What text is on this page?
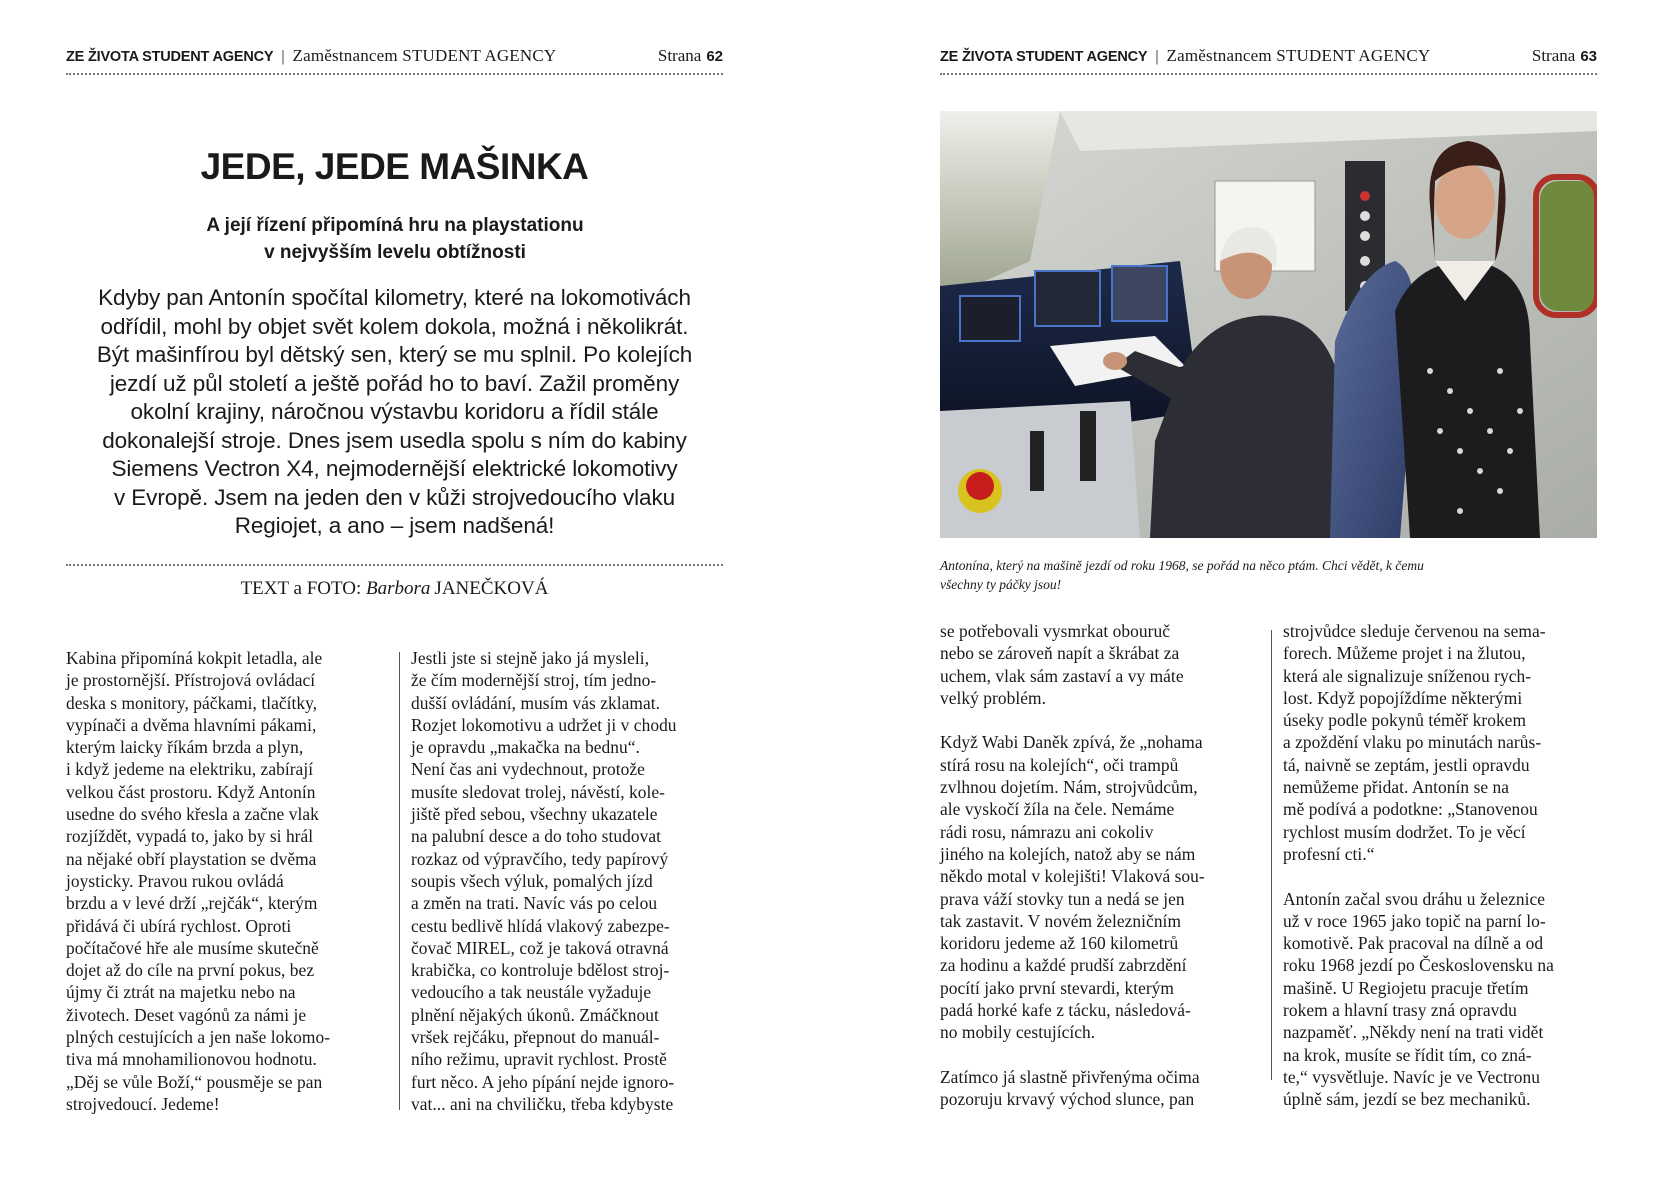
ZE ŽIVOTA STUDENT AGENCY | Zaměstnancem STUDENT AGENCY	Strana 62
JEDE, JEDE MAŠINKA

A její řízení připomíná hru na playstationu
v nejvyšším levelu obtížnosti

Kdyby pan Antonín spočítal kilometry, které na lokomotivách
odřídil, mohl by objet svět kolem dokola, možná i několikrát.
Být mašinfírou byl dětský sen, který se mu splnil. Po kolejích
jezdí už půl století a ještě pořád ho to baví. Zažil proměny
okolní krajiny, náročnou výstavbu koridoru a řídil stále
dokonalejší stroje. Dnes jsem usedla spolu s ním do kabiny
Siemens Vectron X4, nejmodernější elektrické lokomotivy
v Evropě. Jsem na jeden den v kůži strojvedoucího vlaku
Regiojet, a ano – jsem nadšená!

TEXT a FOTO: Barbora JANEČKOVÁ

Kabina připomíná kokpit letadla, ale
je prostornější. Přístrojová ovládací
deska s monitory, páčkami, tlačítky,
vypínači a dvěma hlavními pákami,
kterým laicky říkám brzda a plyn,
i když jedeme na elektriku, zabírají
velkou část prostoru. Když Antonín
usedne do svého křesla a začne vlak
rozjíždět, vypadá to, jako by si hrál
na nějaké obří playstation se dvěma
joysticky. Pravou rukou ovládá
brzdu a v levé drží „rejčák“, kterým
přidává či ubírá rychlost. Oproti
počítačové hře ale musíme skutečně
dojet až do cíle na první pokus, bez
újmy či ztrát na majetku nebo na
životech. Deset vagónů za námi je
plných cestujících a jen naše lokomo-
tiva má mnohamilionovou hodnotu.
„Děj se vůle Boží,“ pousměje se pan
strojvedoucí. Jedeme!

Jestli jste si stejně jako já mysleli,
že čím modernější stroj, tím jedno-
dušší ovládání, musím vás zklamat.
Rozjet lokomotivu a udržet ji v chodu
je opravdu „makačka na bednu“.
Není čas ani vydechnout, protože
musíte sledovat trolej, návěstí, kole-
jiště před sebou, všechny ukazatele
na palubní desce a do toho studovat
rozkaz od výpravčího, tedy papírový
soupis všech výluk, pomalých jízd
a změn na trati. Navíc vás po celou
cestu bedlivě hlídá vlakový zabezpe-
čovač MIREL, což je taková otravná
krabička, co kontroluje bdělost stroj-
vedoucího a tak neustále vyžaduje
plnění nějakých úkonů. Zmáčknout
vršek rejčáku, přepnout do manuál-
ního režimu, upravit rychlost. Prostě
furt něco. A jeho pípání nejde ignoro-
vat... ani na chviličku, třeba kdybyste

ZE ŽIVOTA STUDENT AGENCY | Zaměstnancem STUDENT AGENCY	Strana 63

Antonína, který na mašině jezdí od roku 1968, se pořád na něco ptám. Chci vědět, k čemu
všechny ty páčky jsou!

se potřebovali vysmrkat obouruč
nebo se zároveň napít a škrábat za
uchem, vlak sám zastaví a vy máte
velký problém.

Když Wabi Daněk zpívá, že „nohama
stírá rosu na kolejích“, oči trampů
zvlhnou dojetím. Nám, strojvůdcům,
ale vyskočí žíla na čele. Nemáme
rádi rosu, námrazu ani cokoliv
jiného na kolejích, natož aby se nám
někdo motal v kolejišti! Vlaková sou-
prava váží stovky tun a nedá se jen
tak zastavit. V novém železničním
koridoru jedeme až 160 kilometrů
za hodinu a každé prudší zabrzdění
pocítí jako první stevardi, kterým
padá horké kafe z tácku, následová-
no mobily cestujících.

Zatímco já slastně přivřenýma očima
pozoruju krvavý východ slunce, pan

strojvůdce sleduje červenou na sema-
forech. Můžeme projet i na žlutou,
která ale signalizuje sníženou rych-
lost. Když popojíždíme některými
úseky podle pokynů téměř krokem
a zpoždění vlaku po minutách narůs-
tá, naivně se zeptám, jestli opravdu
nemůžeme přidat. Antonín se na
mě podívá a podotkne: „Stanovenou
rychlost musím dodržet. To je věcí
profesní cti.“

Antonín začal svou dráhu u železnice
už v roce 1965 jako topič na parní lo-
komotivě. Pak pracoval na dílně a od
roku 1968 jezdí po Československu na
mašině. U Regiojetu pracuje třetím
rokem a hlavní trasy zná opravdu
nazpaměť. „Někdy není na trati vidět
na krok, musíte se řídit tím, co zná-
te,“ vysvětluje. Navíc je ve Vectronu
úplně sám, jezdí se bez mechaniků.
